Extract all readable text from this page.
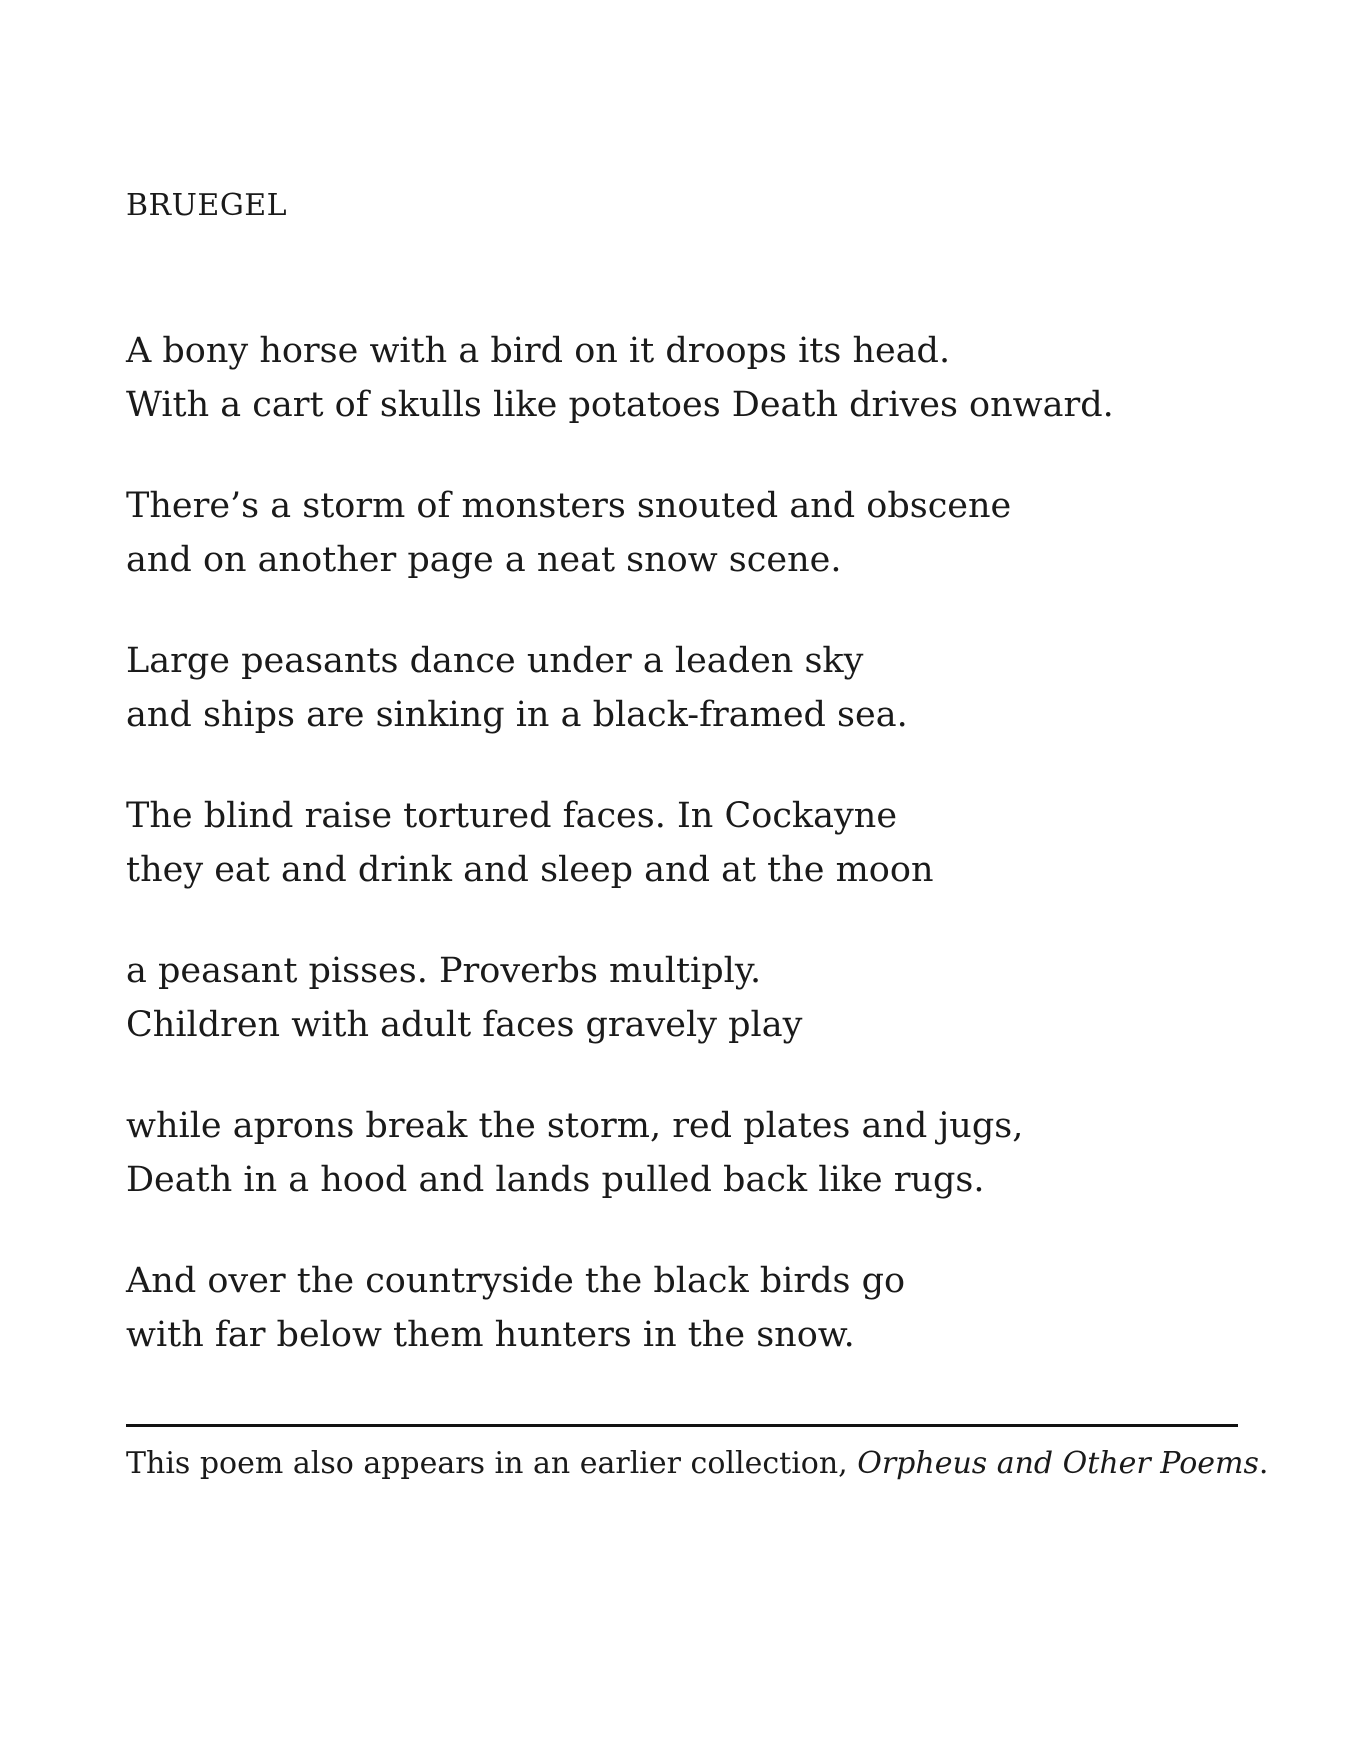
BRUEGEL
A bony horse with a bird on it droops its head.
With a cart of skulls like potatoes Death drives onward.
There’s a storm of monsters snouted and obscene
and on another page a neat snow scene.
Large peasants dance under a leaden sky
and ships are sinking in a black-framed sea.
The blind raise tortured faces. In Cockayne
they eat and drink and sleep and at the moon
a peasant pisses. Proverbs multiply.
Children with adult faces gravely play
while aprons break the storm, red plates and jugs,
Death in a hood and lands pulled back like rugs.
And over the countryside the black birds go
with far below them hunters in the snow.
This poem also appears in an earlier collection, Orpheus and Other Poems.
